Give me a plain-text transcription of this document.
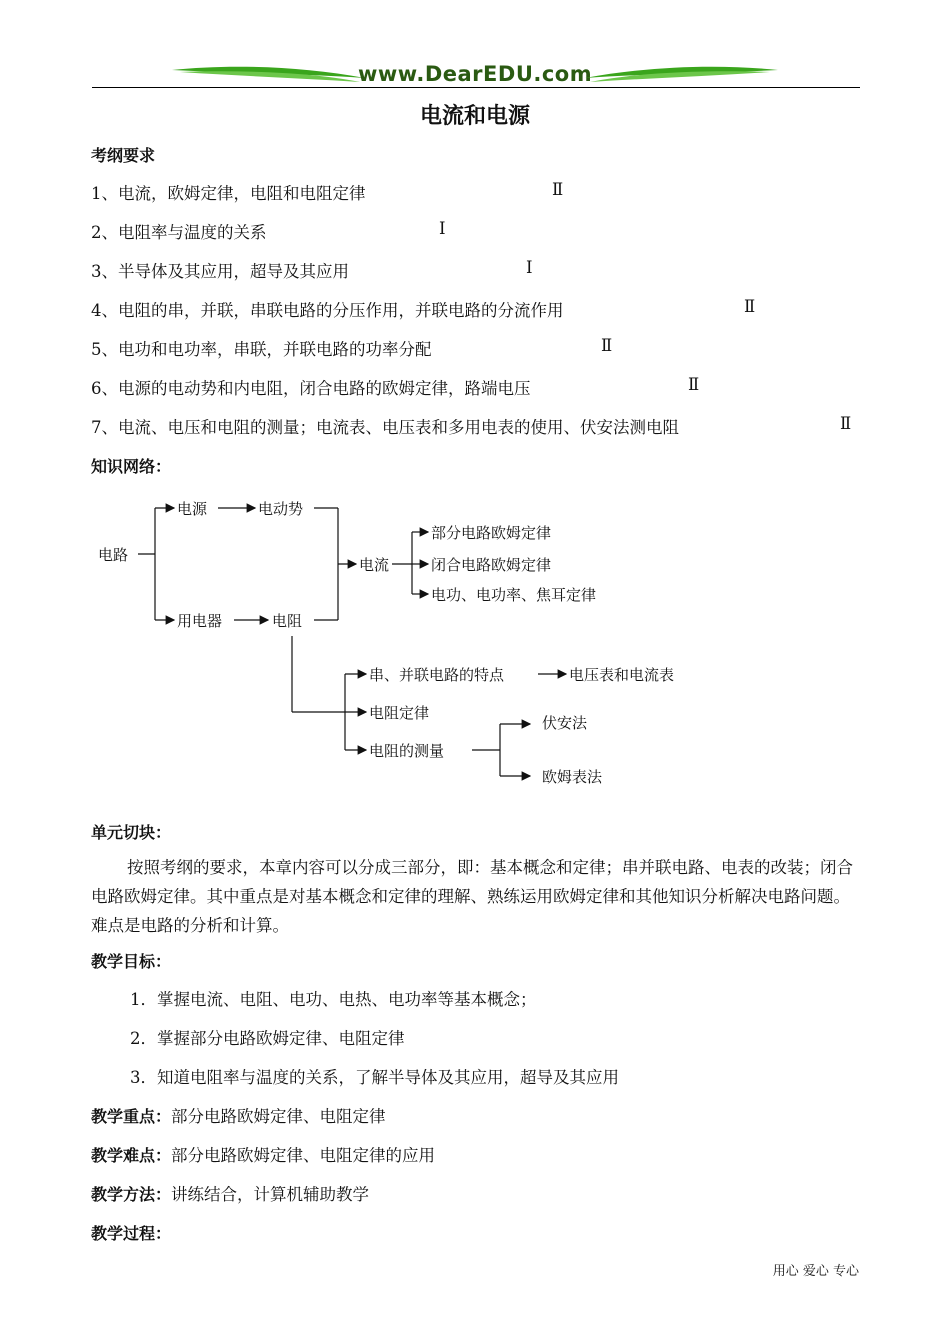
www.DearEDU.com
电流和电源
考纲要求
1、电流，欧姆定律，电阻和电阻定律	Ⅱ
2、电阻率与温度的关系	Ⅰ
3、半导体及其应用，超导及其应用	Ⅰ
4、电阻的串，并联，串联电路的分压作用，并联电路的分流作用	Ⅱ
5、电功和电功率，串联，并联电路的功率分配	Ⅱ
6、电源的电动势和内电阻，闭合电路的欧姆定律，路端电压	Ⅱ
7、电流、电压和电阻的测量；电流表、电压表和多用电表的使用、伏安法测电阻	Ⅱ
知识网络：
电路
电源	电动势
用电器	电阻
电流
部分电路欧姆定律
闭合电路欧姆定律
电功、电功率、焦耳定律
串、并联电路的特点	电压表和电流表
电阻定律
电阻的测量
伏安法
欧姆表法
单元切块：
按照考纲的要求，本章内容可以分成三部分，即：基本概念和定律；串并联电路、电表的改装；闭合电路欧姆定律。其中重点是对基本概念和定律的理解、熟练运用欧姆定律和其他知识分析解决电路问题。难点是电路的分析和计算。
教学目标：
1．掌握电流、电阻、电功、电热、电功率等基本概念；
2．掌握部分电路欧姆定律、电阻定律
3．知道电阻率与温度的关系，了解半导体及其应用，超导及其应用
教学重点：部分电路欧姆定律、电阻定律
教学难点：部分电路欧姆定律、电阻定律的应用
教学方法：讲练结合，计算机辅助教学
教学过程：
用心 爱心 专心
